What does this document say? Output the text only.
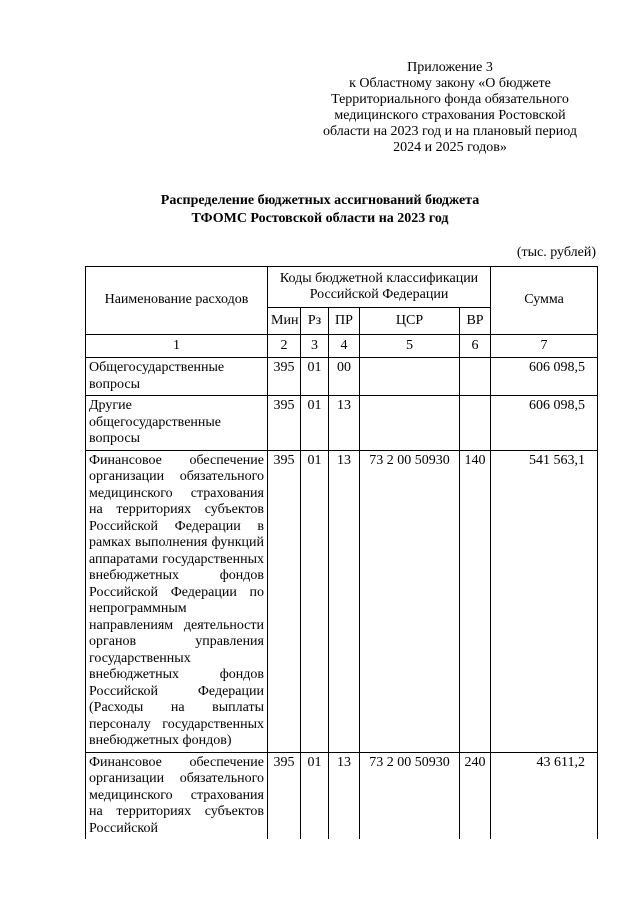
Приложение 3
к Областному закону «О бюджете Территориального фонда обязательного медицинского страхования Ростовской области на 2023 год и на плановый период 2024 и 2025 годов»
Распределение бюджетных ассигнований бюджета
ТФОМС Ростовской области на 2023 год
(тыс. рублей)
Наименование расходов	Коды бюджетной классификации Российской Федерации					Сумма
	Мин	Рз	ПР	ЦСР	ВР	
1	2	3	4	5	6	7
Общегосударственные вопросы	395	01	00			606 098,5
Другие общегосударственные вопросы	395	01	13			606 098,5
Финансовое обеспечение организации обязательного медицинского страхования на территориях субъектов Российской Федерации в рамках выполнения функций аппаратами государственных внебюджетных фондов Российской Федерации по непрограммным направлениям деятельности органов управления государственных внебюджетных фондов Российской Федерации (Расходы на выплаты персоналу государственных внебюджетных фондов)	395	01	13	73 2 00 50930	140	541 563,1
Финансовое обеспечение организации обязательного медицинского страхования на территориях субъектов Российской	395	01	13	73 2 00 50930	240	43 611,2
